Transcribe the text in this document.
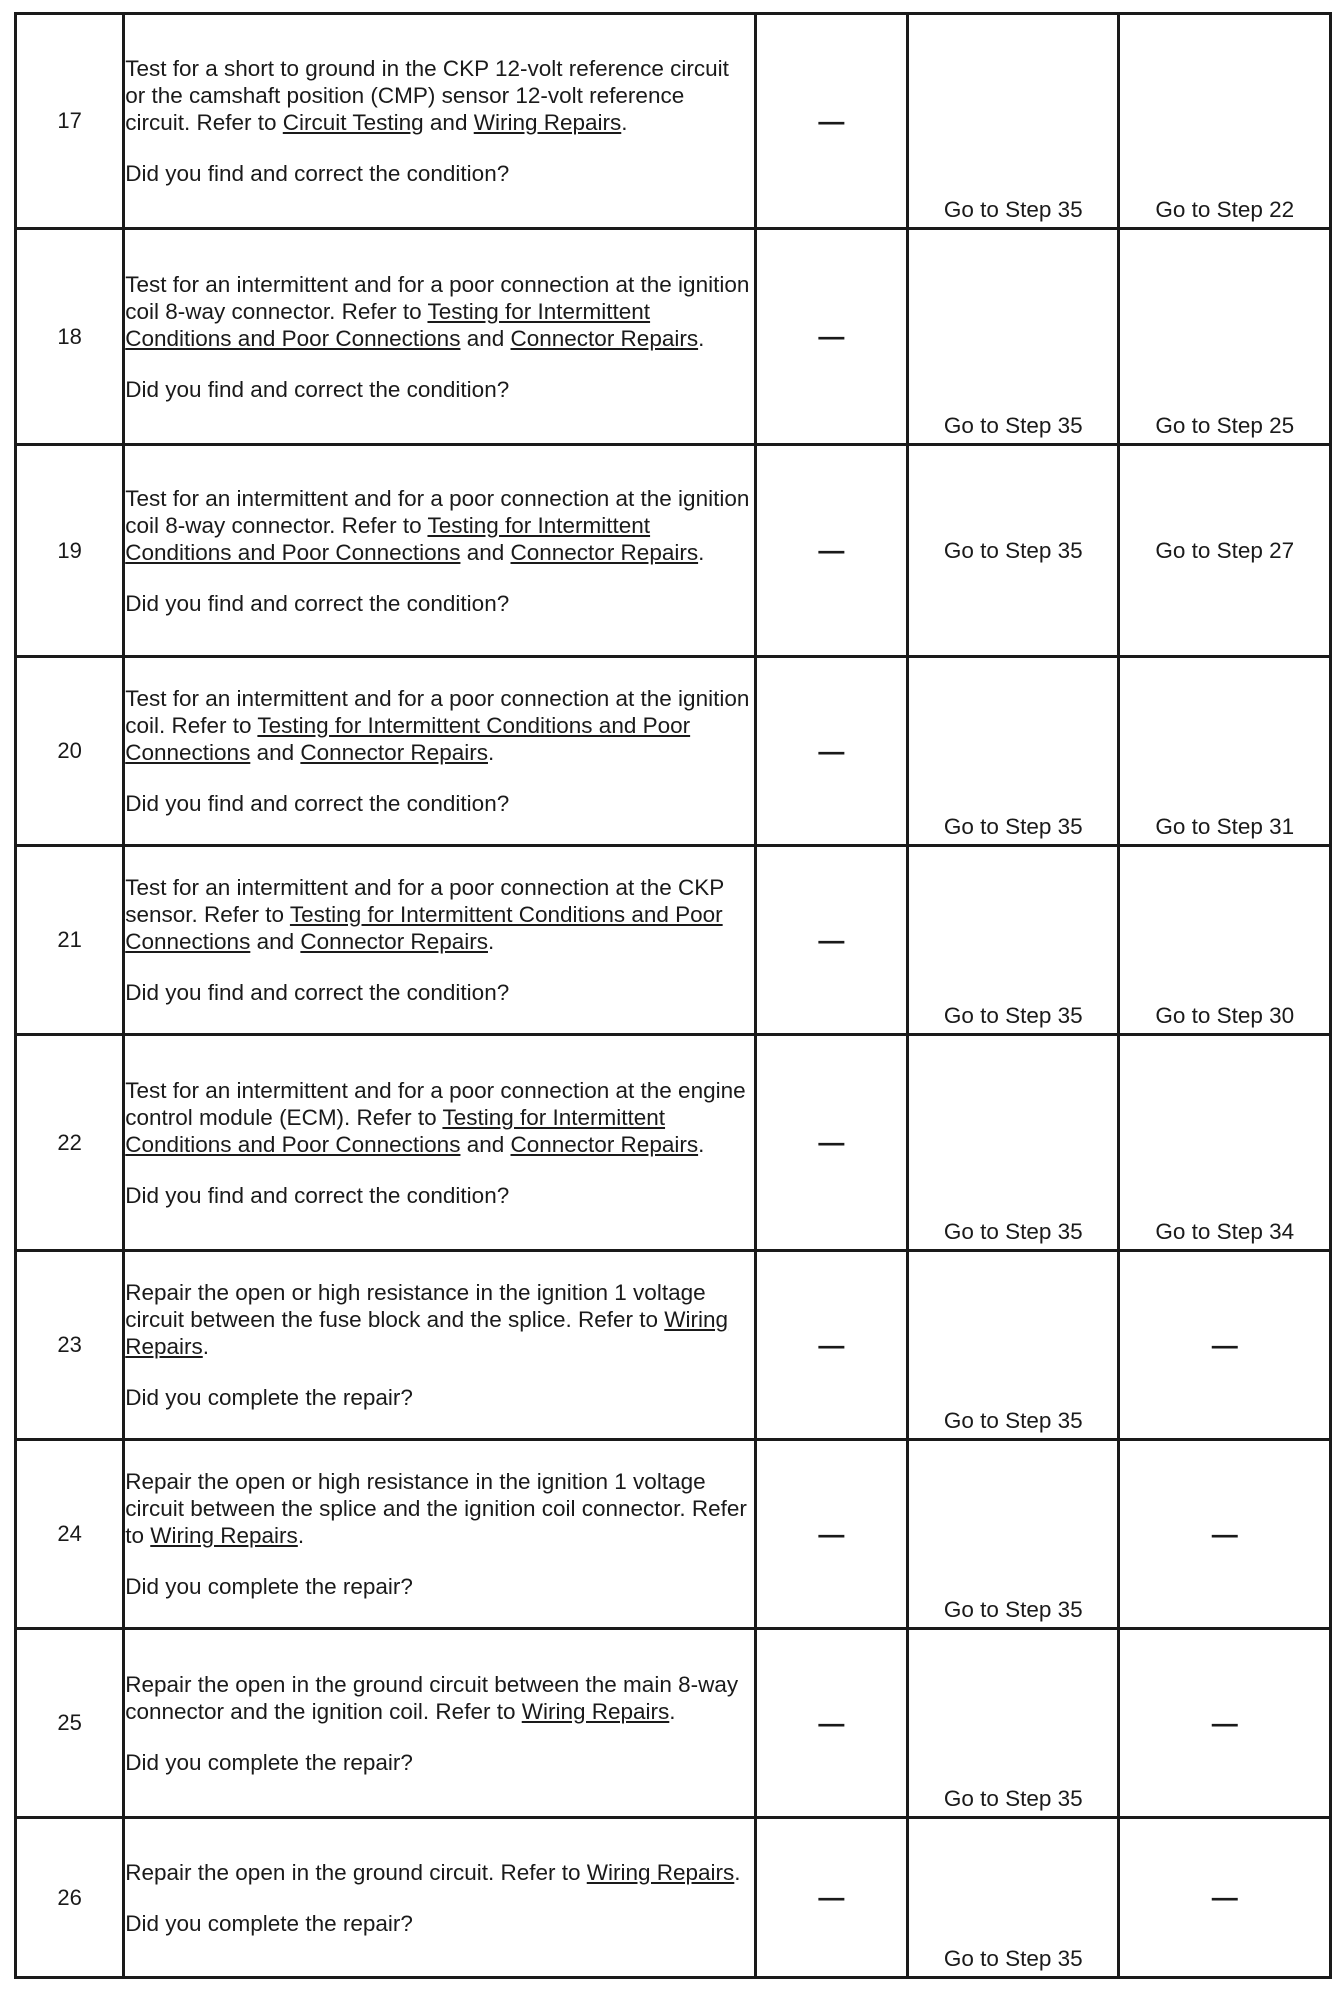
17	Test for a short to ground in the CKP 12-volt reference circuit or the camshaft position (CMP) sensor 12-volt reference circuit. Refer to Circuit Testing and Wiring Repairs.
Did you find and correct the condition?	—	Go to Step 35	Go to Step 22

18	Test for an intermittent and for a poor connection at the ignition coil 8-way connector. Refer to Testing for Intermittent Conditions and Poor Connections and Connector Repairs.
Did you find and correct the condition?	—	Go to Step 35	Go to Step 25

19	Test for an intermittent and for a poor connection at the ignition coil 8-way connector. Refer to Testing for Intermittent Conditions and Poor Connections and Connector Repairs.
Did you find and correct the condition?	—	Go to Step 35	Go to Step 27
20	Test for an intermittent and for a poor connection at the ignition coil. Refer to Testing for Intermittent Conditions and Poor Connections and Connector Repairs.
Did you find and correct the condition?	—	Go to Step 35	Go to Step 31

21	Test for an intermittent and for a poor connection at the CKP sensor. Refer to Testing for Intermittent Conditions and Poor Connections and Connector Repairs.
Did you find and correct the condition?	—	Go to Step 35	Go to Step 30

22	Test for an intermittent and for a poor connection at the engine control module (ECM). Refer to Testing for Intermittent Conditions and Poor Connections and Connector Repairs.
Did you find and correct the condition?	—	Go to Step 35	Go to Step 34

23	Repair the open or high resistance in the ignition 1 voltage circuit between the fuse block and the splice. Refer to Wiring Repairs.
Did you complete the repair?	—	Go to Step 35	—
24	Repair the open or high resistance in the ignition 1 voltage circuit between the splice and the ignition coil connector. Refer to Wiring Repairs.
Did you complete the repair?	—	Go to Step 35	—
25	Repair the open in the ground circuit between the main 8-way connector and the ignition coil. Refer to Wiring Repairs.
Did you complete the repair?	—	Go to Step 35	—
26	Repair the open in the ground circuit. Refer to Wiring Repairs.
Did you complete the repair?	—	Go to Step 35	—
